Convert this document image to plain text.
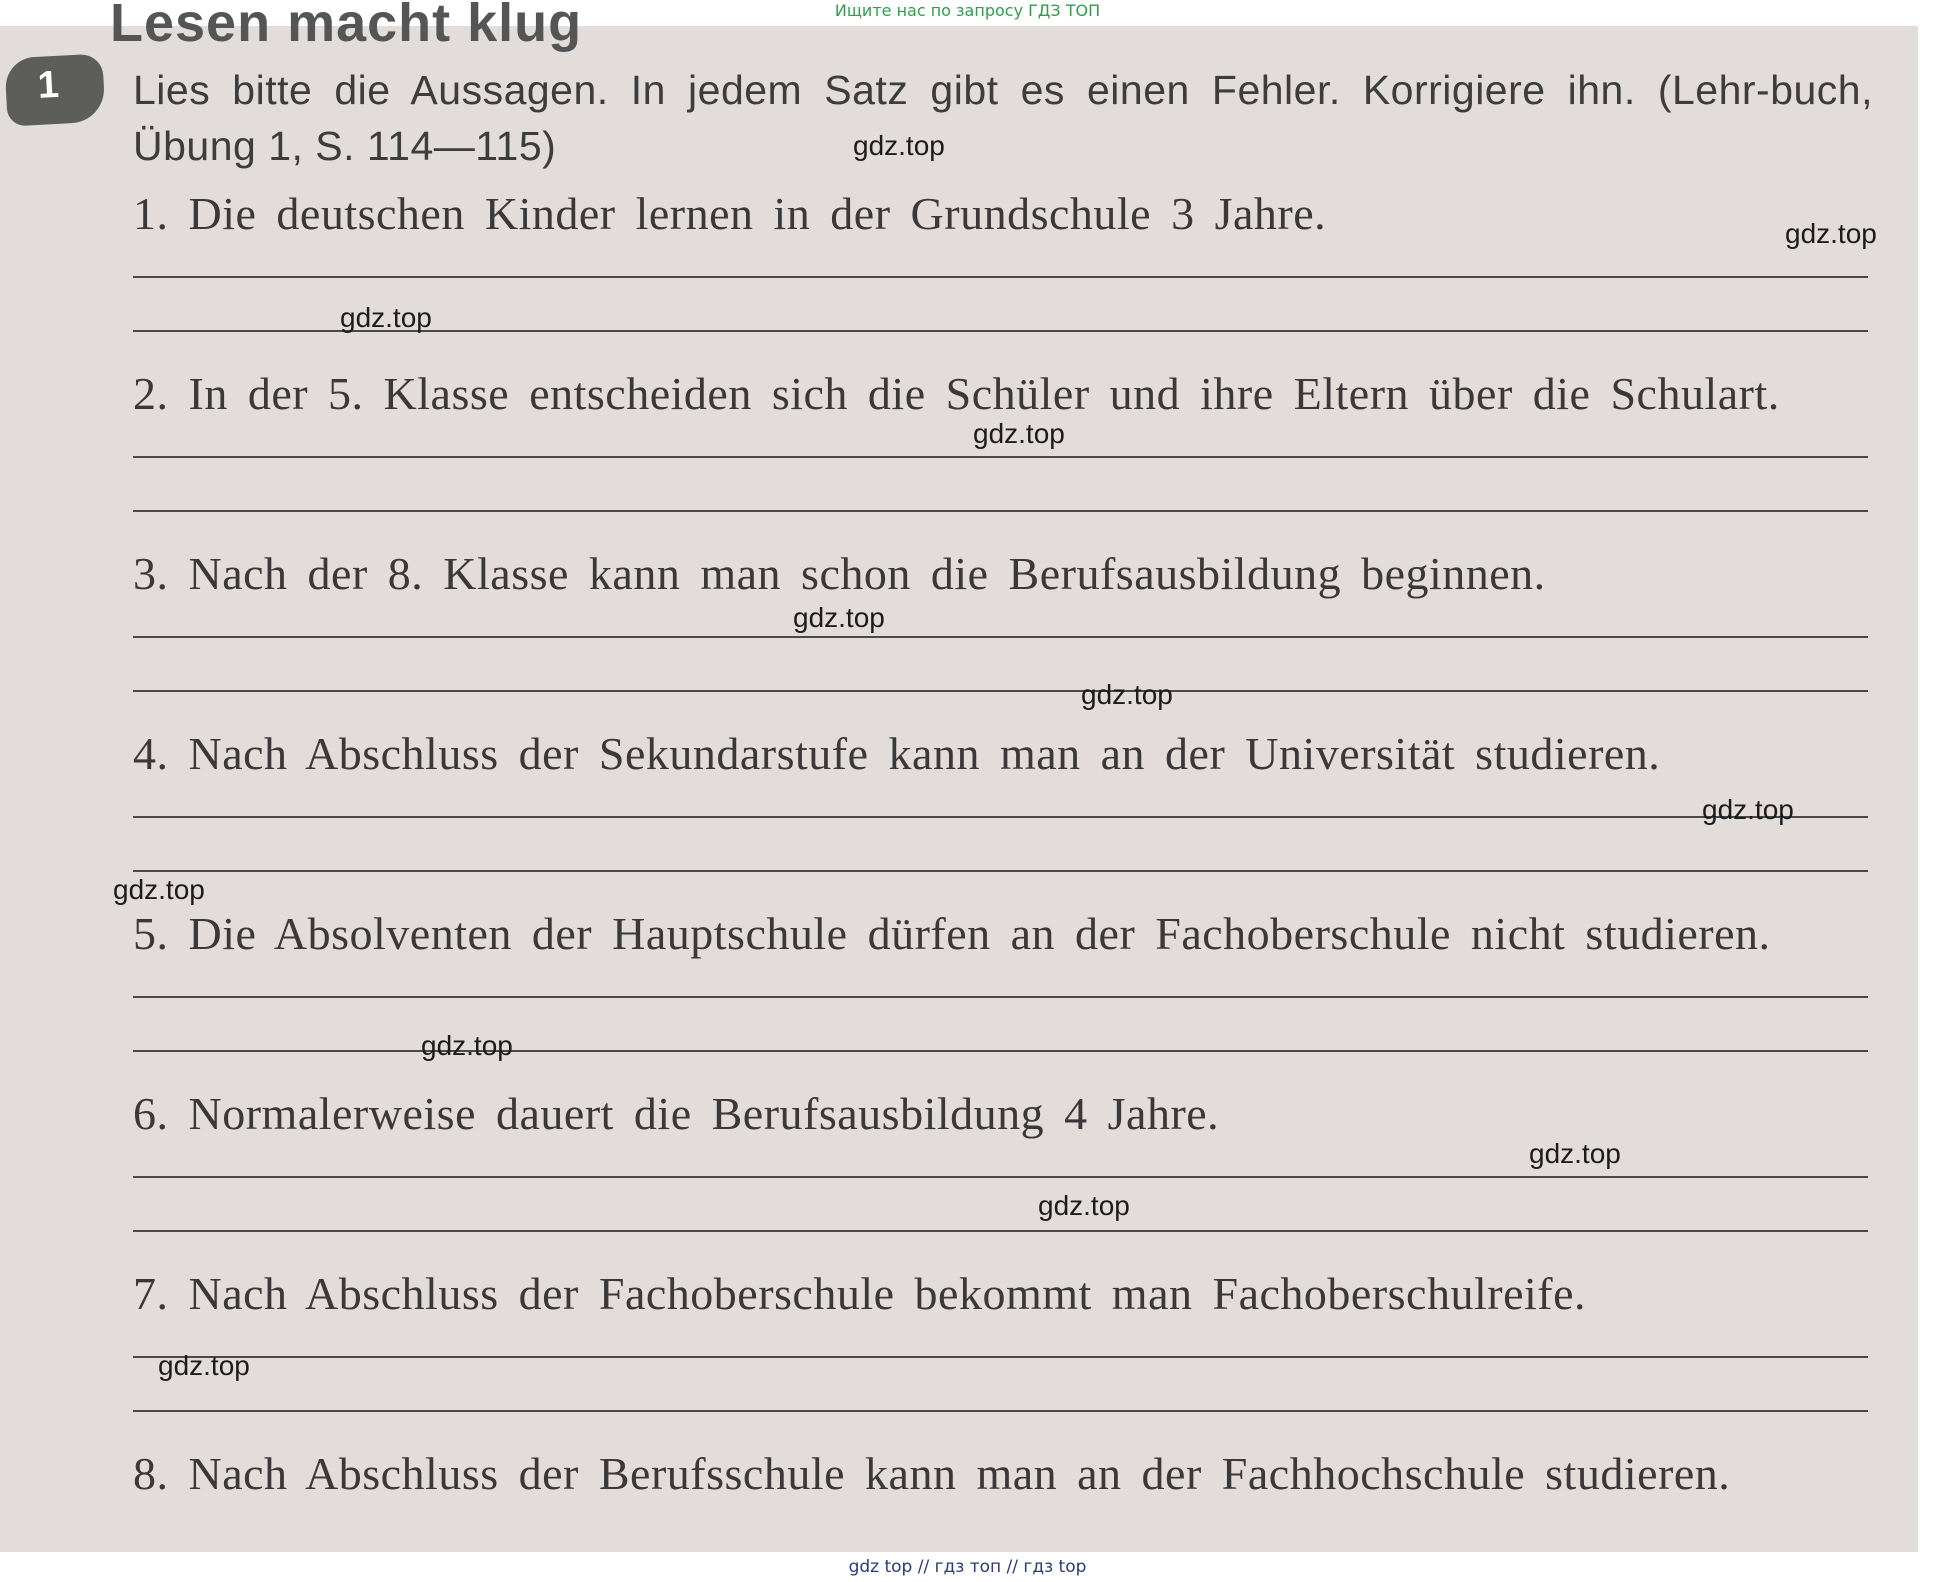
Ищите нас по запросу ГДЗ ТОП
Lesen macht klug
1 Lies bitte die Aussagen. In jedem Satz gibt es einen Fehler. Korrigiere ihn. (Lehr-buch, Übung 1, S. 114—115)
1. Die deutschen Kinder lernen in der Grundschule 3 Jahre.
2. In der 5. Klasse entscheiden sich die Schüler und ihre Eltern über die Schulart.
3. Nach der 8. Klasse kann man schon die Berufsausbildung beginnen.
4. Nach Abschluss der Sekundarstufe kann man an der Universität studieren.
5. Die Absolventen der Hauptschule dürfen an der Fachoberschule nicht studieren.
6. Normalerweise dauert die Berufsausbildung 4 Jahre.
7. Nach Abschluss der Fachoberschule bekommt man Fachoberschulreife.
8. Nach Abschluss der Berufsschule kann man an der Fachhochschule studieren.
gdz.top
gdz.top
gdz.top
gdz.top
gdz.top
gdz.top
gdz.top
gdz.top
gdz.top
gdz.top
gdz.top
gdz.top
gdz top // гдз топ // гдз top
